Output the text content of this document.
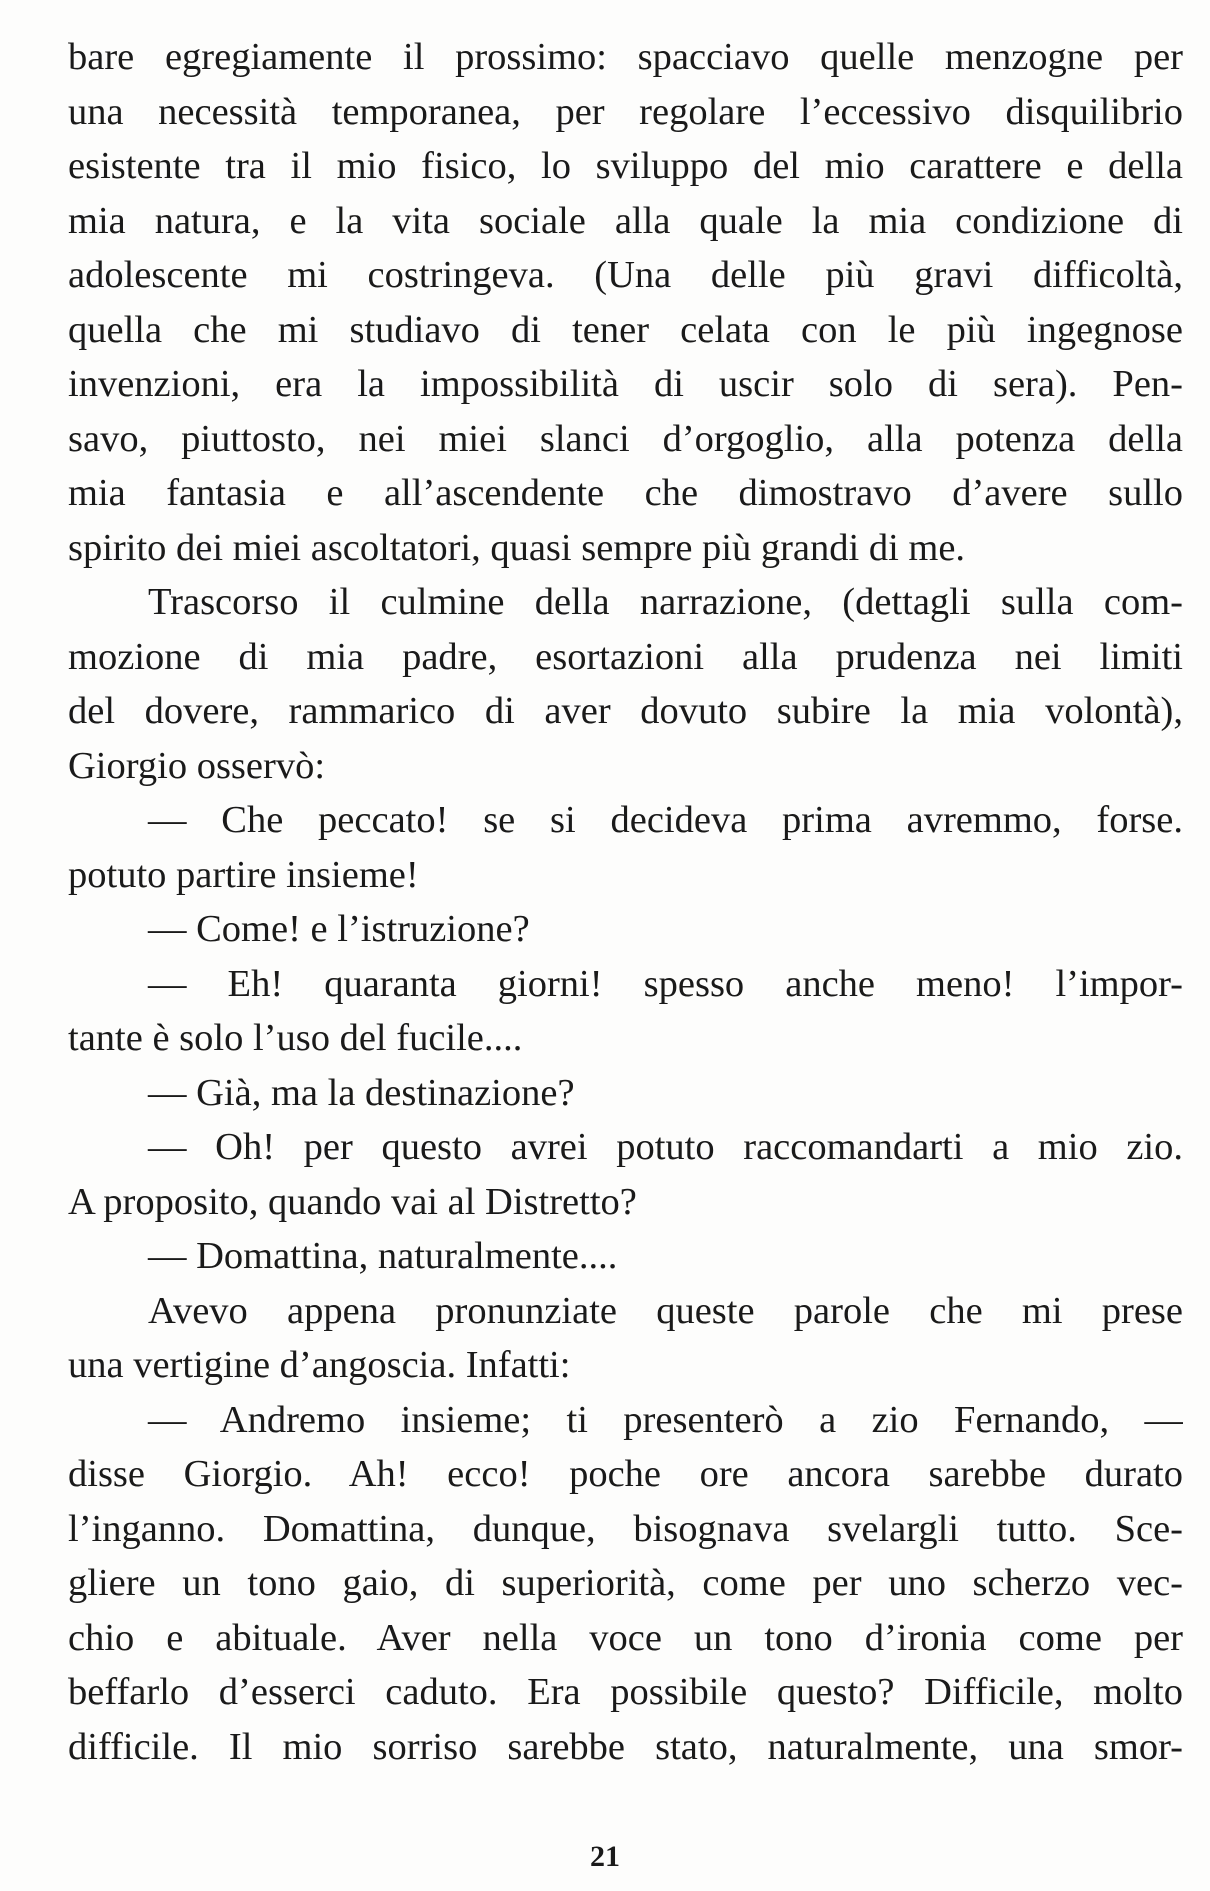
bare egregiamente il prossimo: spacciavo quelle menzogne per
una necessità temporanea, per regolare l’eccessivo disquilibrio
esistente tra il mio fisico, lo sviluppo del mio carattere e della
mia natura, e la vita sociale alla quale la mia condizione di
adolescente mi costringeva. (Una delle più gravi difficoltà,
quella che mi studiavo di tener celata con le più ingegnose
invenzioni, era la impossibilità di uscir solo di sera). Pen-
savo, piuttosto, nei miei slanci d’orgoglio, alla potenza della
mia fantasia e all’ascendente che dimostravo d’avere sullo
spirito dei miei ascoltatori, quasi sempre più grandi di me.
Trascorso il culmine della narrazione, (dettagli sulla com-
mozione di mia padre, esortazioni alla prudenza nei limiti
del dovere, rammarico di aver dovuto subire la mia volontà),
Giorgio osservò:
— Che peccato! se si decideva prima avremmo, forse.
potuto partire insieme!
— Come! e l’istruzione?
— Eh! quaranta giorni! spesso anche meno! l’impor-
tante è solo l’uso del fucile....
— Già, ma la destinazione?
— Oh! per questo avrei potuto raccomandarti a mio zio.
A proposito, quando vai al Distretto?
— Domattina, naturalmente....
Avevo appena pronunziate queste parole che mi prese
una vertigine d’angoscia. Infatti:
— Andremo insieme; ti presenterò a zio Fernando, —
disse Giorgio. Ah! ecco! poche ore ancora sarebbe durato
l’inganno. Domattina, dunque, bisognava svelargli tutto. Sce-
gliere un tono gaio, di superiorità, come per uno scherzo vec-
chio e abituale. Aver nella voce un tono d’ironia come per
beffarlo d’esserci caduto. Era possibile questo? Difficile, molto
difficile. Il mio sorriso sarebbe stato, naturalmente, una smor-
21
